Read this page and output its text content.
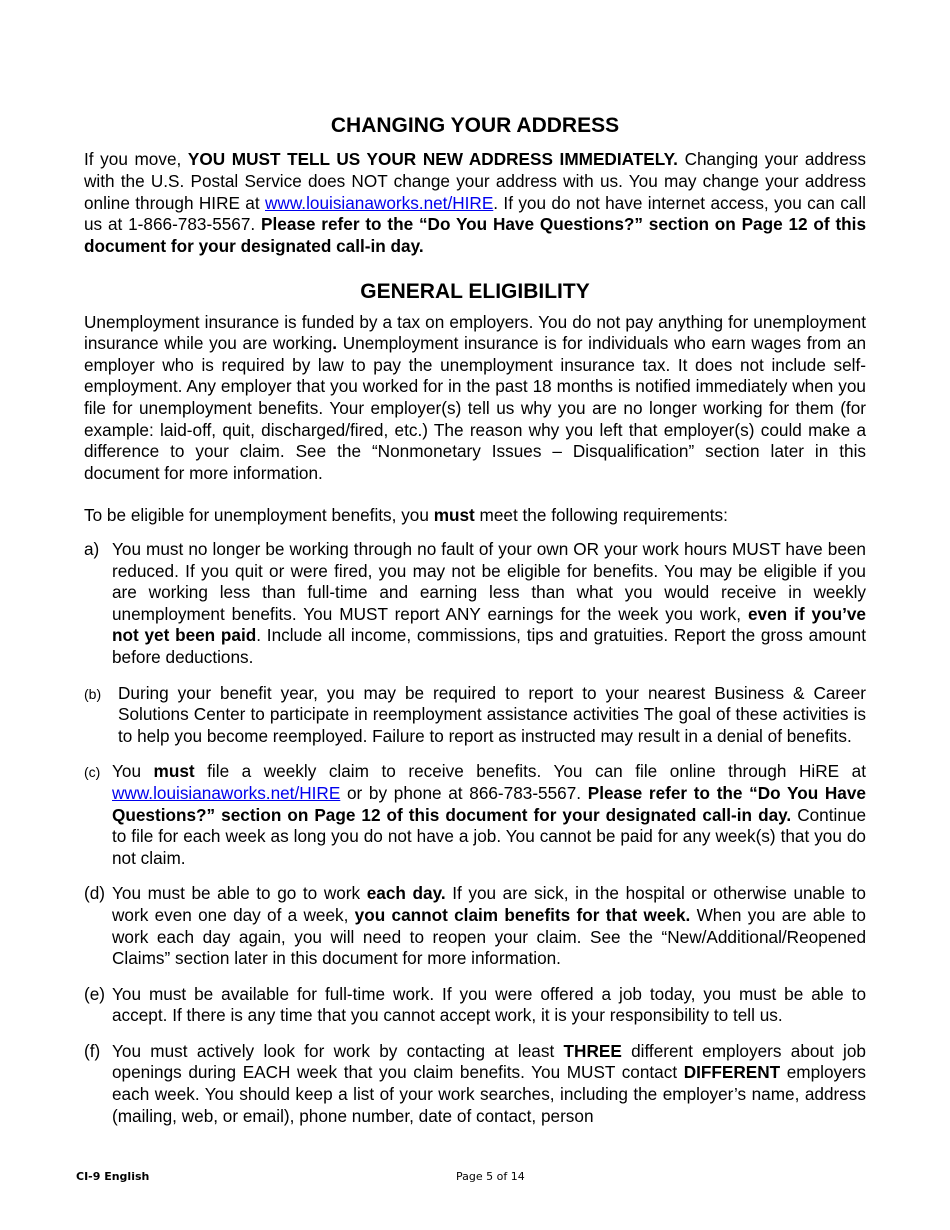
CHANGING YOUR ADDRESS

If you move, YOU MUST TELL US YOUR NEW ADDRESS IMMEDIATELY. Changing your address with the U.S. Postal Service does NOT change your address with us. You may change your address online through HIRE at www.louisianaworks.net/HIRE. If you do not have internet access, you can call us at 1-866-783-5567. Please refer to the “Do You Have Questions?” section on Page 12 of this document for your designated call-in day.

GENERAL ELIGIBILITY

Unemployment insurance is funded by a tax on employers. You do not pay anything for unemployment insurance while you are working. Unemployment insurance is for individuals who earn wages from an employer who is required by law to pay the unemployment insurance tax. It does not include self-employment. Any employer that you worked for in the past 18 months is notified immediately when you file for unemployment benefits. Your employer(s) tell us why you are no longer working for them (for example: laid-off, quit, discharged/fired, etc.) The reason why you left that employer(s) could make a difference to your claim. See the “Nonmonetary Issues – Disqualification” section later in this document for more information.

To be eligible for unemployment benefits, you must meet the following requirements:

a) You must no longer be working through no fault of your own OR your work hours MUST have been reduced. If you quit or were fired, you may not be eligible for benefits. You may be eligible if you are working less than full-time and earning less than what you would receive in weekly unemployment benefits. You MUST report ANY earnings for the week you work, even if you’ve not yet been paid. Include all income, commissions, tips and gratuities. Report the gross amount before deductions.

(b) During your benefit year, you may be required to report to your nearest Business & Career Solutions Center to participate in reemployment assistance activities The goal of these activities is to help you become reemployed. Failure to report as instructed may result in a denial of benefits.

(c) You must file a weekly claim to receive benefits. You can file online through HiRE at www.louisianaworks.net/HIRE or by phone at 866-783-5567. Please refer to the “Do You Have Questions?” section on Page 12 of this document for your designated call-in day. Continue to file for each week as long you do not have a job. You cannot be paid for any week(s) that you do not claim.

(d) You must be able to go to work each day. If you are sick, in the hospital or otherwise unable to work even one day of a week, you cannot claim benefits for that week. When you are able to work each day again, you will need to reopen your claim. See the “New/Additional/Reopened Claims” section later in this document for more information.

(e) You must be available for full-time work. If you were offered a job today, you must be able to accept. If there is any time that you cannot accept work, it is your responsibility to tell us.

(f) You must actively look for work by contacting at least THREE different employers about job openings during EACH week that you claim benefits. You MUST contact DIFFERENT employers each week. You should keep a list of your work searches, including the employer’s name, address (mailing, web, or email), phone number, date of contact, person

CI-9 English	Page 5 of 14
